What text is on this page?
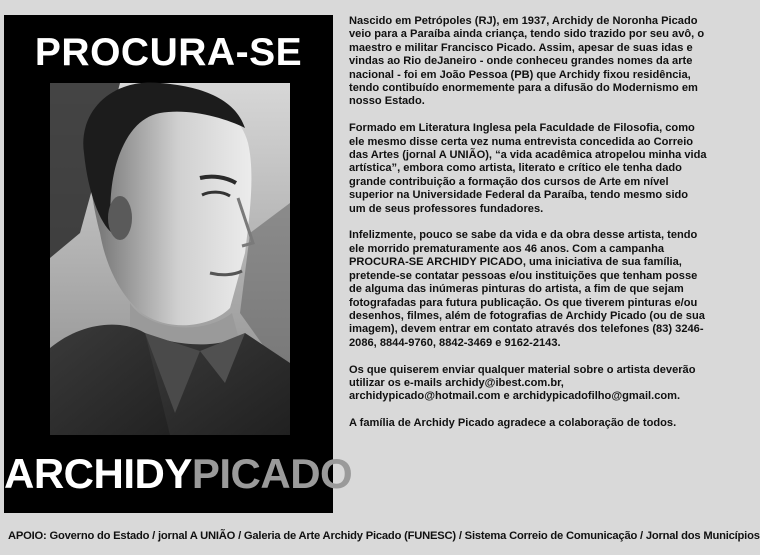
PROCURA-SE
ARCHIDYPICADO

Nascido em Petrópoles (RJ), em 1937, Archidy de Noronha Picado veio para a Paraíba ainda criança, tendo sido trazido por seu avô, o maestro e militar Francisco Picado. Assim, apesar de suas idas e vindas ao Rio deJaneiro - onde conheceu grandes nomes da arte nacional - foi em João Pessoa (PB) que Archidy fixou residência, tendo contibuído enormemente para a difusão do Modernismo em nosso Estado.

Formado em Literatura Inglesa pela Faculdade de Filosofia, como ele mesmo disse certa vez numa entrevista concedida ao Correio das Artes (jornal A UNIÃO), “a vida acadêmica atropelou minha vida artística”, embora como artista, literato e crítico ele tenha dado grande contribuição a formação dos cursos de Arte em nível superior na Universidade Federal da Paraíba, tendo mesmo sido um de seus professores fundadores.

Infelizmente, pouco se sabe da vida e da obra desse artista, tendo ele morrido prematuramente aos 46 anos. Com a campanha PROCURA-SE ARCHIDY PICADO, uma iniciativa de sua família, pretende-se contatar pessoas e/ou instituições que tenham posse de alguma das inúmeras pinturas do artista, a fim de que sejam fotografadas para futura publicação. Os que tiverem pinturas e/ou desenhos, filmes, além de fotografias de Archidy Picado (ou de sua imagem), devem entrar em contato através dos telefones (83) 3246-2086, 8844-9760, 8842-3469 e 9162-2143.

Os que quiserem enviar qualquer material sobre o artista deverão utilizar os e-mails archidy@ibest.com.br, archidypicado@hotmail.com e archidypicadofilho@gmail.com.

A família de Archidy Picado agradece a colaboração de todos.

APOIO: Governo do Estado / jornal A UNIÃO / Galeria de Arte Archidy Picado (FUNESC) / Sistema Correio de Comunicação / Jornal dos Municípios
